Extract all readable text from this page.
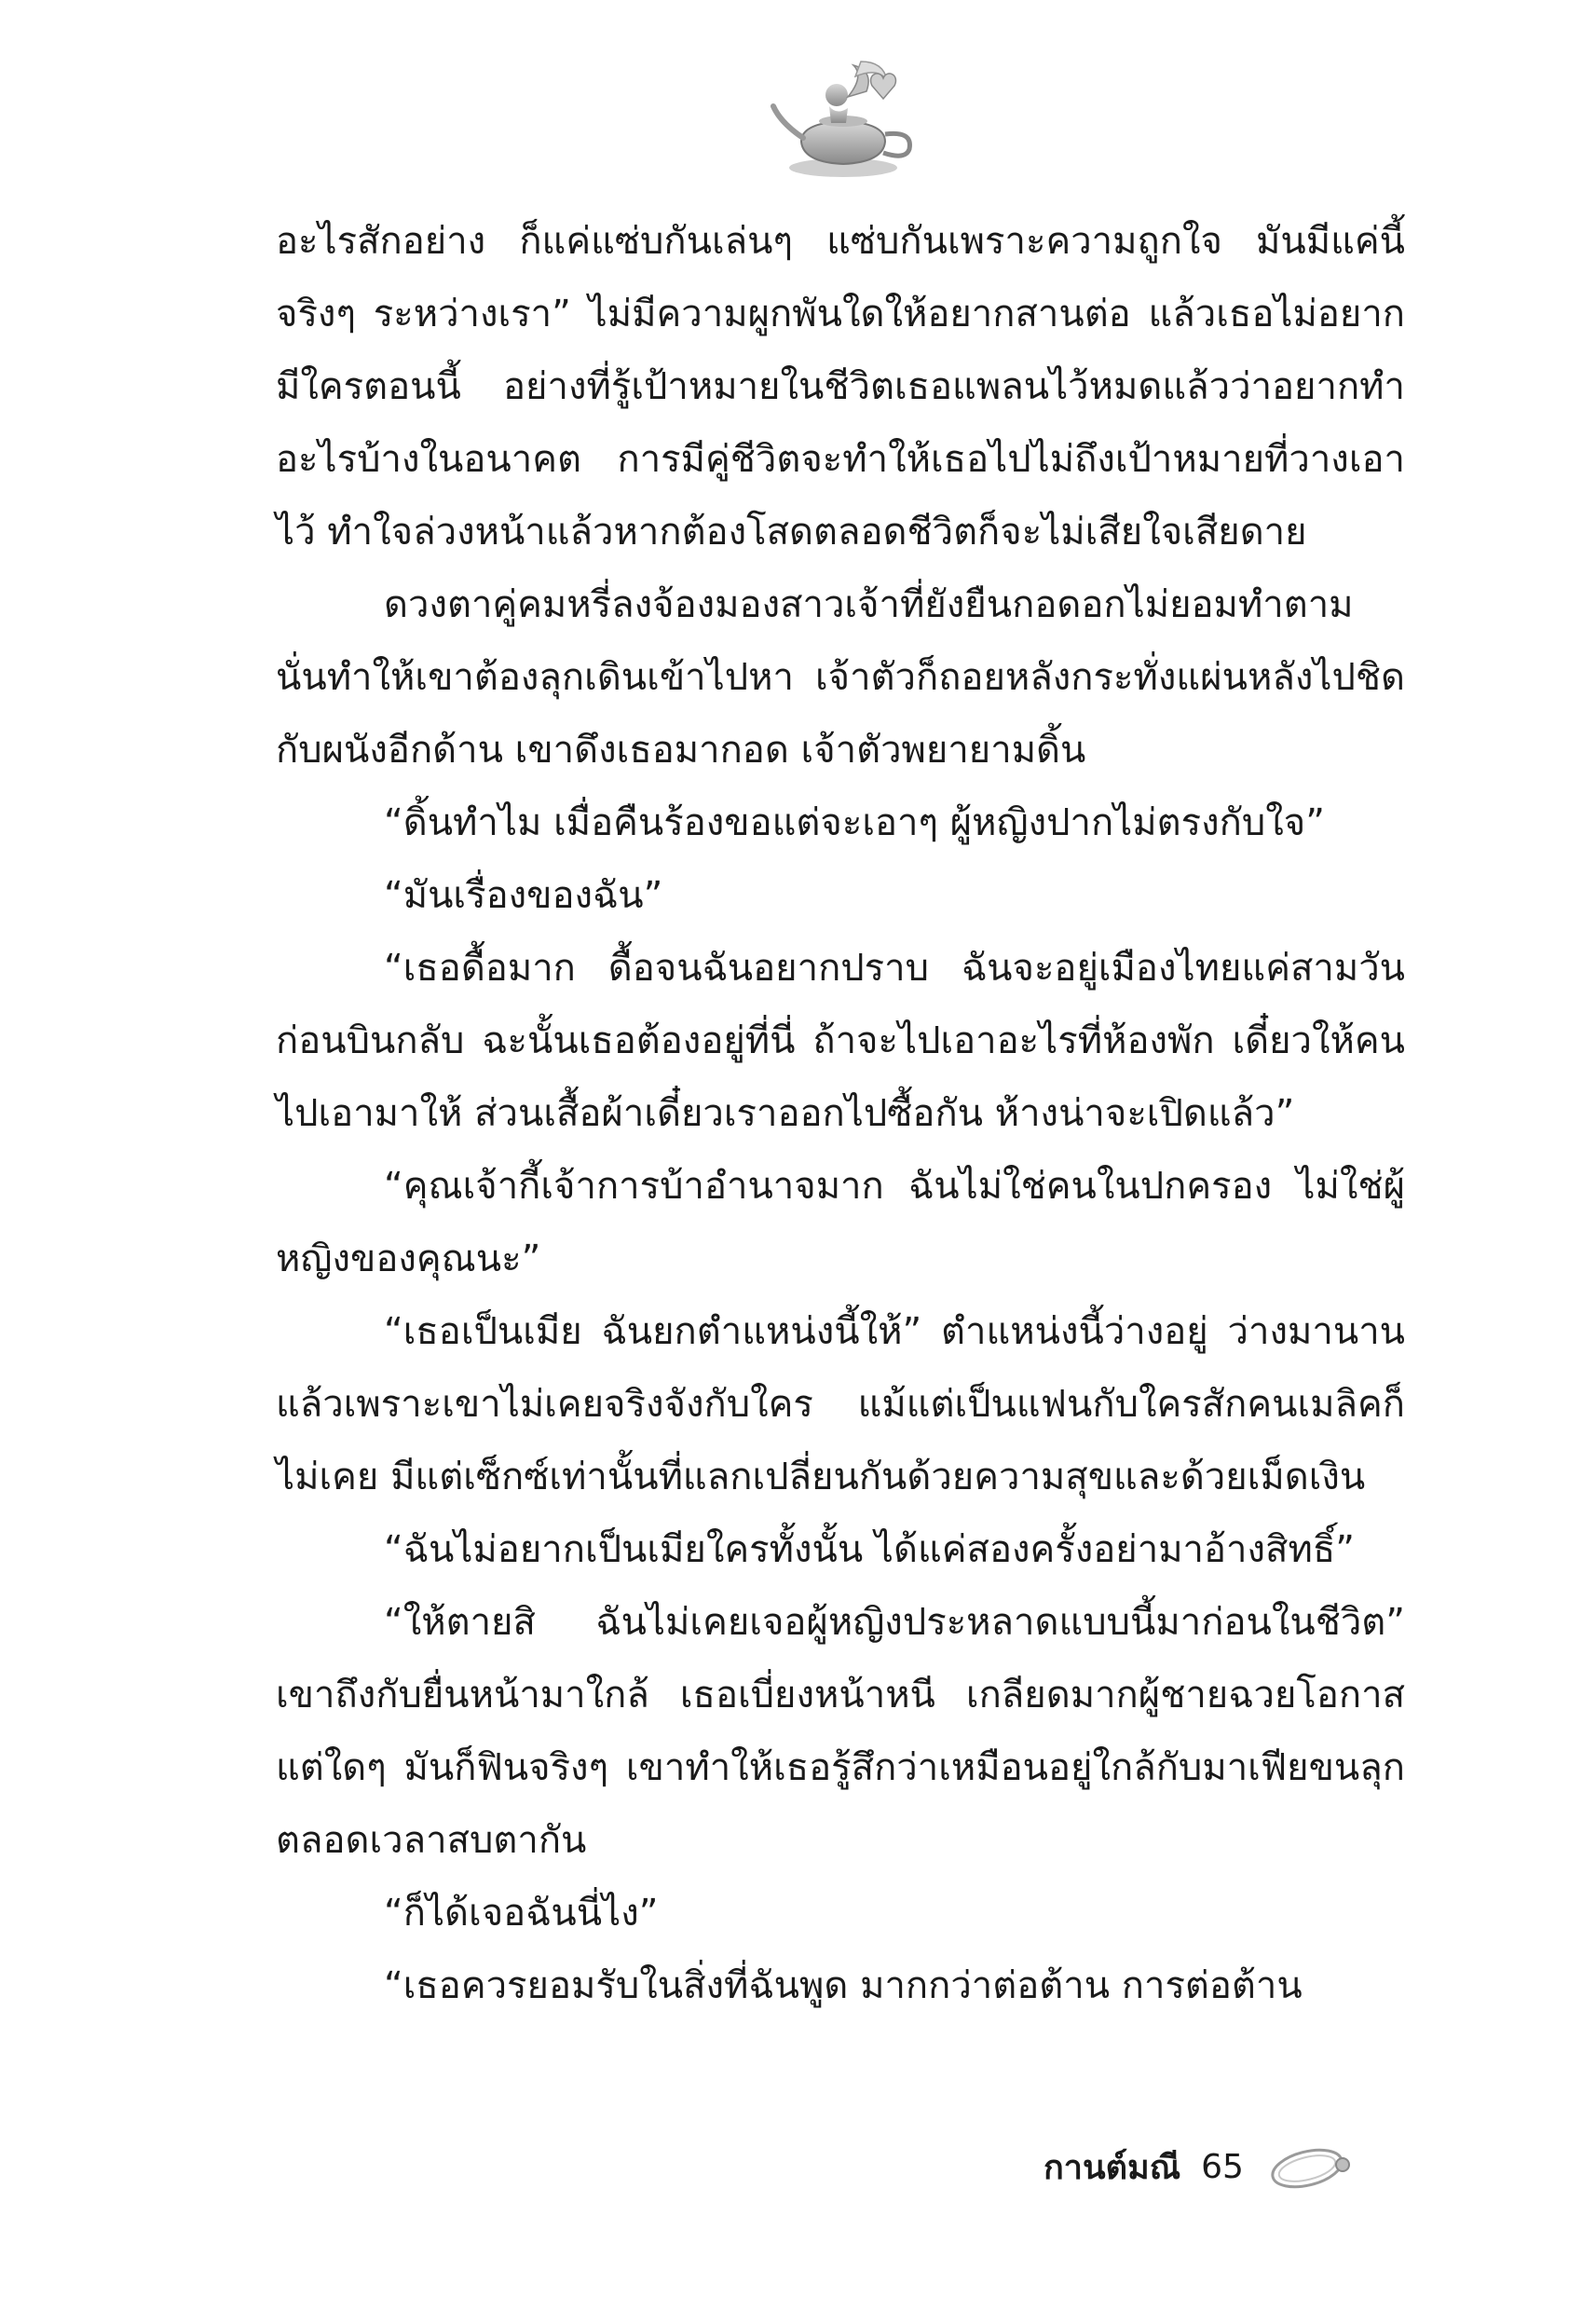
อะไรสักอย่าง ก็แค่แซ่บกันเล่นๆ แซ่บกันเพราะความถูกใจ มันมีแค่นี้จริงๆ ระหว่างเรา” ไม่มีความผูกพันใดให้อยากสานต่อ แล้วเธอไม่อยากมีใครตอนนี้ อย่างที่รู้เป้าหมายในชีวิตเธอแพลนไว้หมดแล้วว่าอยากทำอะไรบ้างในอนาคต การมีคู่ชีวิตจะทำให้เธอไปไม่ถึงเป้าหมายที่วางเอาไว้ ทำใจล่วงหน้าแล้วหากต้องโสดตลอดชีวิตก็จะไม่เสียใจเสียดาย

ดวงตาคู่คมหรี่ลงจ้องมองสาวเจ้าที่ยังยืนกอดอกไม่ยอมทำตาม นั่นทำให้เขาต้องลุกเดินเข้าไปหา เจ้าตัวก็ถอยหลังกระทั่งแผ่นหลังไปชิดกับผนังอีกด้าน เขาดึงเธอมากอด เจ้าตัวพยายามดิ้น

“ดิ้นทำไม เมื่อคืนร้องขอแต่จะเอาๆ ผู้หญิงปากไม่ตรงกับใจ”

“มันเรื่องของฉัน”

“เธอดื้อมาก ดื้อจนฉันอยากปราบ ฉันจะอยู่เมืองไทยแค่สามวันก่อนบินกลับ ฉะนั้นเธอต้องอยู่ที่นี่ ถ้าจะไปเอาอะไรที่ห้องพัก เดี๋ยวให้คนไปเอามาให้ ส่วนเสื้อผ้าเดี๋ยวเราออกไปซื้อกัน ห้างน่าจะเปิดแล้ว”

“คุณเจ้ากี้เจ้าการบ้าอำนาจมาก ฉันไม่ใช่คนในปกครอง ไม่ใช่ผู้หญิงของคุณนะ”

“เธอเป็นเมีย ฉันยกตำแหน่งนี้ให้” ตำแหน่งนี้ว่างอยู่ ว่างมานานแล้วเพราะเขาไม่เคยจริงจังกับใคร แม้แต่เป็นแฟนกับใครสักคนเมลิคก็ไม่เคย มีแต่เซ็กซ์เท่านั้นที่แลกเปลี่ยนกันด้วยความสุขและด้วยเม็ดเงิน

“ฉันไม่อยากเป็นเมียใครทั้งนั้น ได้แค่สองครั้งอย่ามาอ้างสิทธิ์”

“ให้ตายสิ ฉันไม่เคยเจอผู้หญิงประหลาดแบบนี้มาก่อนในชีวิต” เขาถึงกับยื่นหน้ามาใกล้ เธอเบี่ยงหน้าหนี เกลียดมากผู้ชายฉวยโอกาสแต่ใดๆ มันก็ฟินจริงๆ เขาทำให้เธอรู้สึกว่าเหมือนอยู่ใกล้กับมาเฟียขนลุกตลอดเวลาสบตากัน

“ก็ได้เจอฉันนี่ไง”

“เธอควรยอมรับในสิ่งที่ฉันพูด มากกว่าต่อต้าน การต่อต้าน

กานต์มณี 65
